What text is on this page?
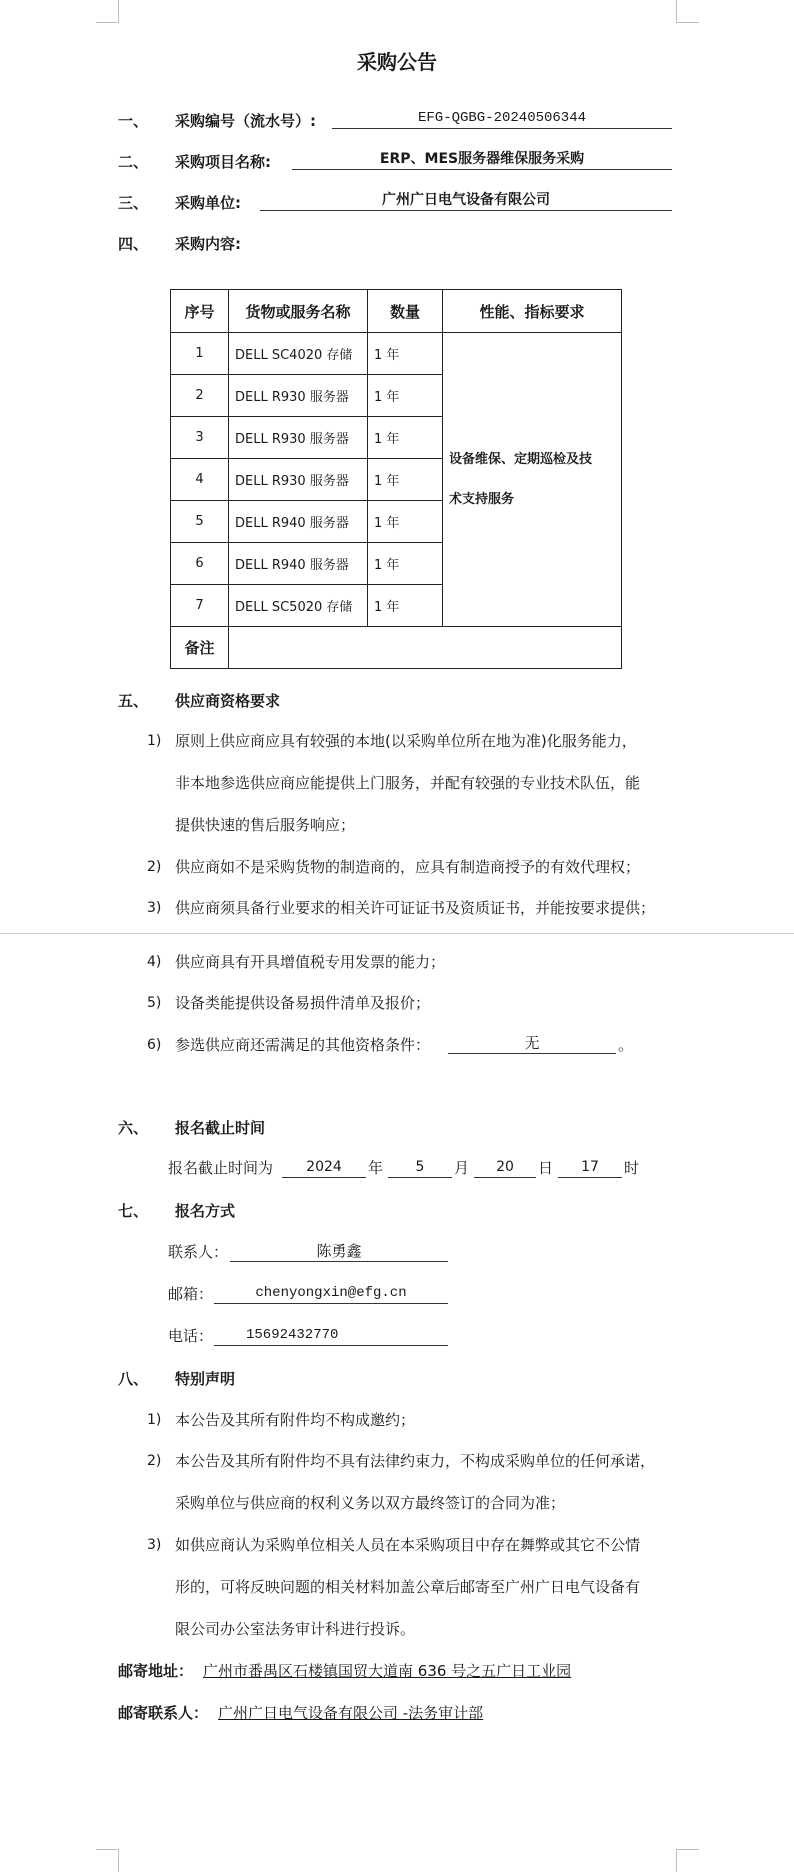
采购公告
一、 采购编号（流水号）:	EFG-QGBG-20240506344
二、 采购项目名称:	ERP、MES服务器维保服务采购
三、 采购单位:	广州广日电气设备有限公司
四、 采购内容:
序号	货物或服务名称	数量	性能、指标要求
1	DELL SC4020 存储	1 年	设备维保、定期巡检及技
术支持服务

2	DELL R930 服务器	1 年	
3	DELL R930 服务器	1 年	
4	DELL R930 服务器	1 年	
5	DELL R940 服务器	1 年	
6	DELL R940 服务器	1 年	
7	DELL SC5020 存储	1 年	
备注			
五、 供应商资格要求
1) 原则上供应商应具有较强的本地(以采购单位所在地为准)化服务能力，
非本地参选供应商应能提供上门服务，并配有较强的专业技术队伍，能
提供快速的售后服务响应；
2) 供应商如不是采购货物的制造商的，应具有制造商授予的有效代理权；
3) 供应商须具备行业要求的相关许可证证书及资质证书，并能按要求提供；
4) 供应商具有开具增值税专用发票的能力；
5) 设备类能提供设备易损件清单及报价；
6) 参选供应商还需满足的其他资格条件：	无	。
六、 报名截止时间
报名截止时间为	2024	年	5	月	20	日	17	时
七、 报名方式
联系人：	陈勇鑫
邮箱：	chenyongxin@efg.cn
电话：	15692432770
八、 特别声明
1) 本公告及其所有附件均不构成邀约；
2) 本公告及其所有附件均不具有法律约束力，不构成采购单位的任何承诺，
采购单位与供应商的权利义务以双方最终签订的合同为准；
3) 如供应商认为采购单位相关人员在本采购项目中存在舞弊或其它不公情
形的，可将反映问题的相关材料加盖公章后邮寄至广州广日电气设备有
限公司办公室法务审计科进行投诉。
邮寄地址： 广州市番禺区石楼镇国贸大道南 636 号之五广日工业园
邮寄联系人： 广州广日电气设备有限公司 -法务审计部
